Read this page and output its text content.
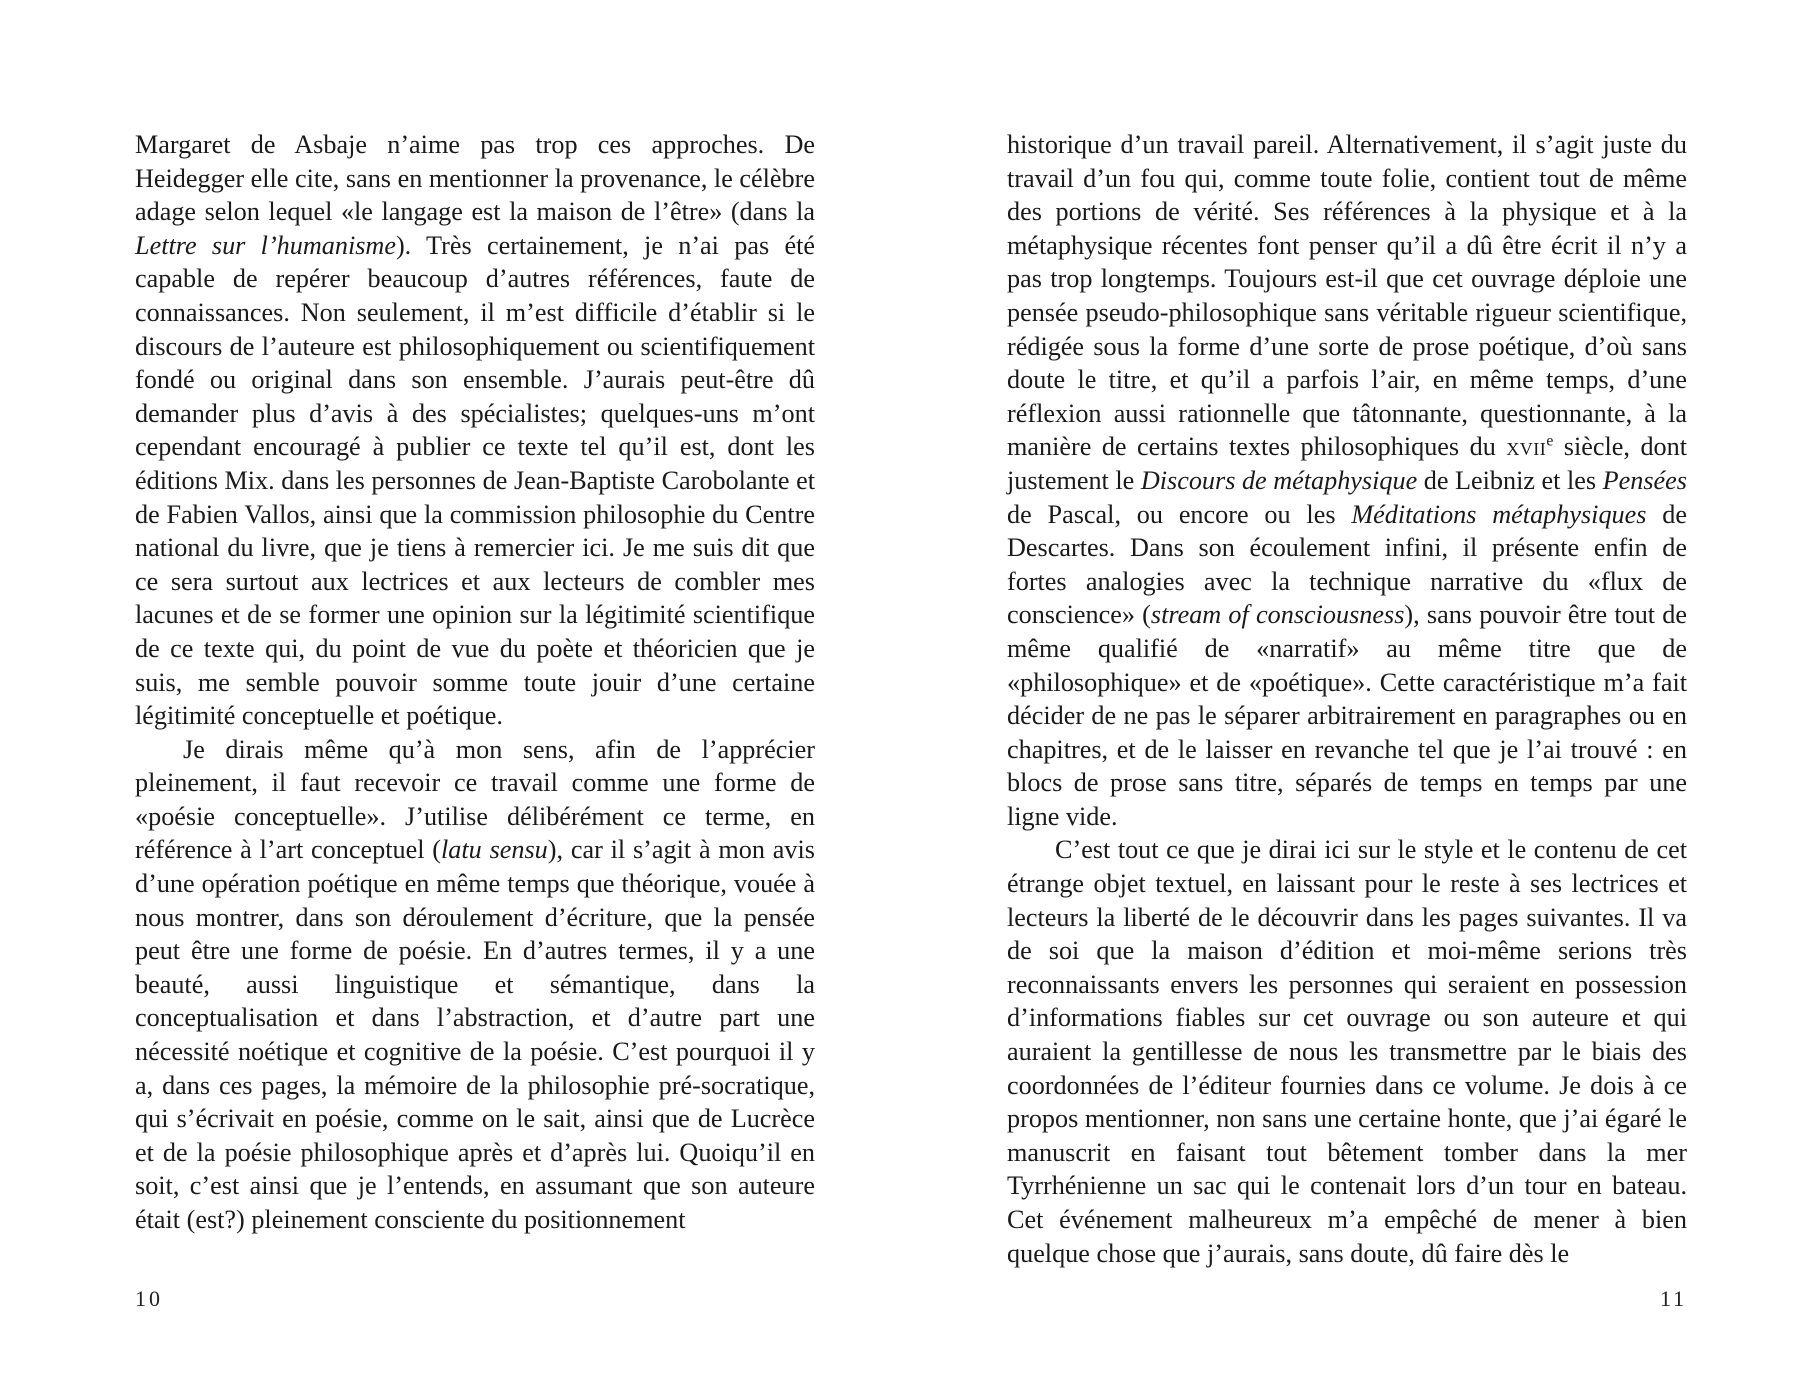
Margaret de Asbaje n’aime pas trop ces approches. De Heidegger elle cite, sans en mentionner la provenance, le célèbre adage selon lequel «le langage est la maison de l’être» (dans la Lettre sur l’humanisme). Très certainement, je n’ai pas été capable de repérer beaucoup d’autres références, faute de connaissances. Non seulement, il m’est difficile d’établir si le discours de l’auteure est philosophiquement ou scientifiquement fondé ou original dans son ensemble. J’aurais peut-être dû demander plus d’avis à des spécialistes; quelques-uns m’ont cependant encouragé à publier ce texte tel qu’il est, dont les éditions Mix. dans les personnes de Jean-Baptiste Carobolante et de Fabien Vallos, ainsi que la commission philosophie du Centre national du livre, que je tiens à remercier ici. Je me suis dit que ce sera surtout aux lectrices et aux lecteurs de combler mes lacunes et de se former une opinion sur la légitimité scientifique de ce texte qui, du point de vue du poète et théoricien que je suis, me semble pouvoir somme toute jouir d’une certaine légitimité conceptuelle et poétique.

Je dirais même qu’à mon sens, afin de l’apprécier pleinement, il faut recevoir ce travail comme une forme de «poésie conceptuelle». J’utilise délibérément ce terme, en référence à l’art conceptuel (latu sensu), car il s’agit à mon avis d’une opération poétique en même temps que théorique, vouée à nous montrer, dans son déroulement d’écriture, que la pensée peut être une forme de poésie. En d’autres termes, il y a une beauté, aussi linguistique et sémantique, dans la conceptualisation et dans l’abstraction, et d’autre part une nécessité noétique et cognitive de la poésie. C’est pourquoi il y a, dans ces pages, la mémoire de la philosophie pré-socratique, qui s’écrivait en poésie, comme on le sait, ainsi que de Lucrèce et de la poésie philosophique après et d’après lui. Quoiqu’il en soit, c’est ainsi que je l’entends, en assumant que son auteure était (est?) pleinement consciente du positionnement

historique d’un travail pareil. Alternativement, il s’agit juste du travail d’un fou qui, comme toute folie, contient tout de même des portions de vérité. Ses références à la physique et à la métaphysique récentes font penser qu’il a dû être écrit il n’y a pas trop longtemps. Toujours est-il que cet ouvrage déploie une pensée pseudo-philosophique sans véritable rigueur scientifique, rédigée sous la forme d’une sorte de prose poétique, d’où sans doute le titre, et qu’il a parfois l’air, en même temps, d’une réflexion aussi rationnelle que tâtonnante, questionnante, à la manière de certains textes philosophiques du xvii$^e$ siècle, dont justement le Discours de métaphysique de Leibniz et les Pensées de Pascal, ou encore ou les Méditations métaphysiques de Descartes. Dans son écoulement infini, il présente enfin de fortes analogies avec la technique narrative du «flux de conscience» (stream of consciousness), sans pouvoir être tout de même qualifié de «narratif» au même titre que de «philosophique» et de «poétique». Cette caractéristique m’a fait décider de ne pas le séparer arbitrairement en paragraphes ou en chapitres, et de le laisser en revanche tel que je l’ai trouvé : en blocs de prose sans titre, séparés de temps en temps par une ligne vide.

C’est tout ce que je dirai ici sur le style et le contenu de cet étrange objet textuel, en laissant pour le reste à ses lectrices et lecteurs la liberté de le découvrir dans les pages suivantes. Il va de soi que la maison d’édition et moi-même serions très reconnaissants envers les personnes qui seraient en possession d’informations fiables sur cet ouvrage ou son auteure et qui auraient la gentillesse de nous les transmettre par le biais des coordonnées de l’éditeur fournies dans ce volume. Je dois à ce propos mentionner, non sans une certaine honte, que j’ai égaré le manuscrit en faisant tout bêtement tomber dans la mer Tyrrhénienne un sac qui le contenait lors d’un tour en bateau. Cet événement malheureux m’a empêché de mener à bien quelque chose que j’aurais, sans doute, dû faire dès le

10	11
